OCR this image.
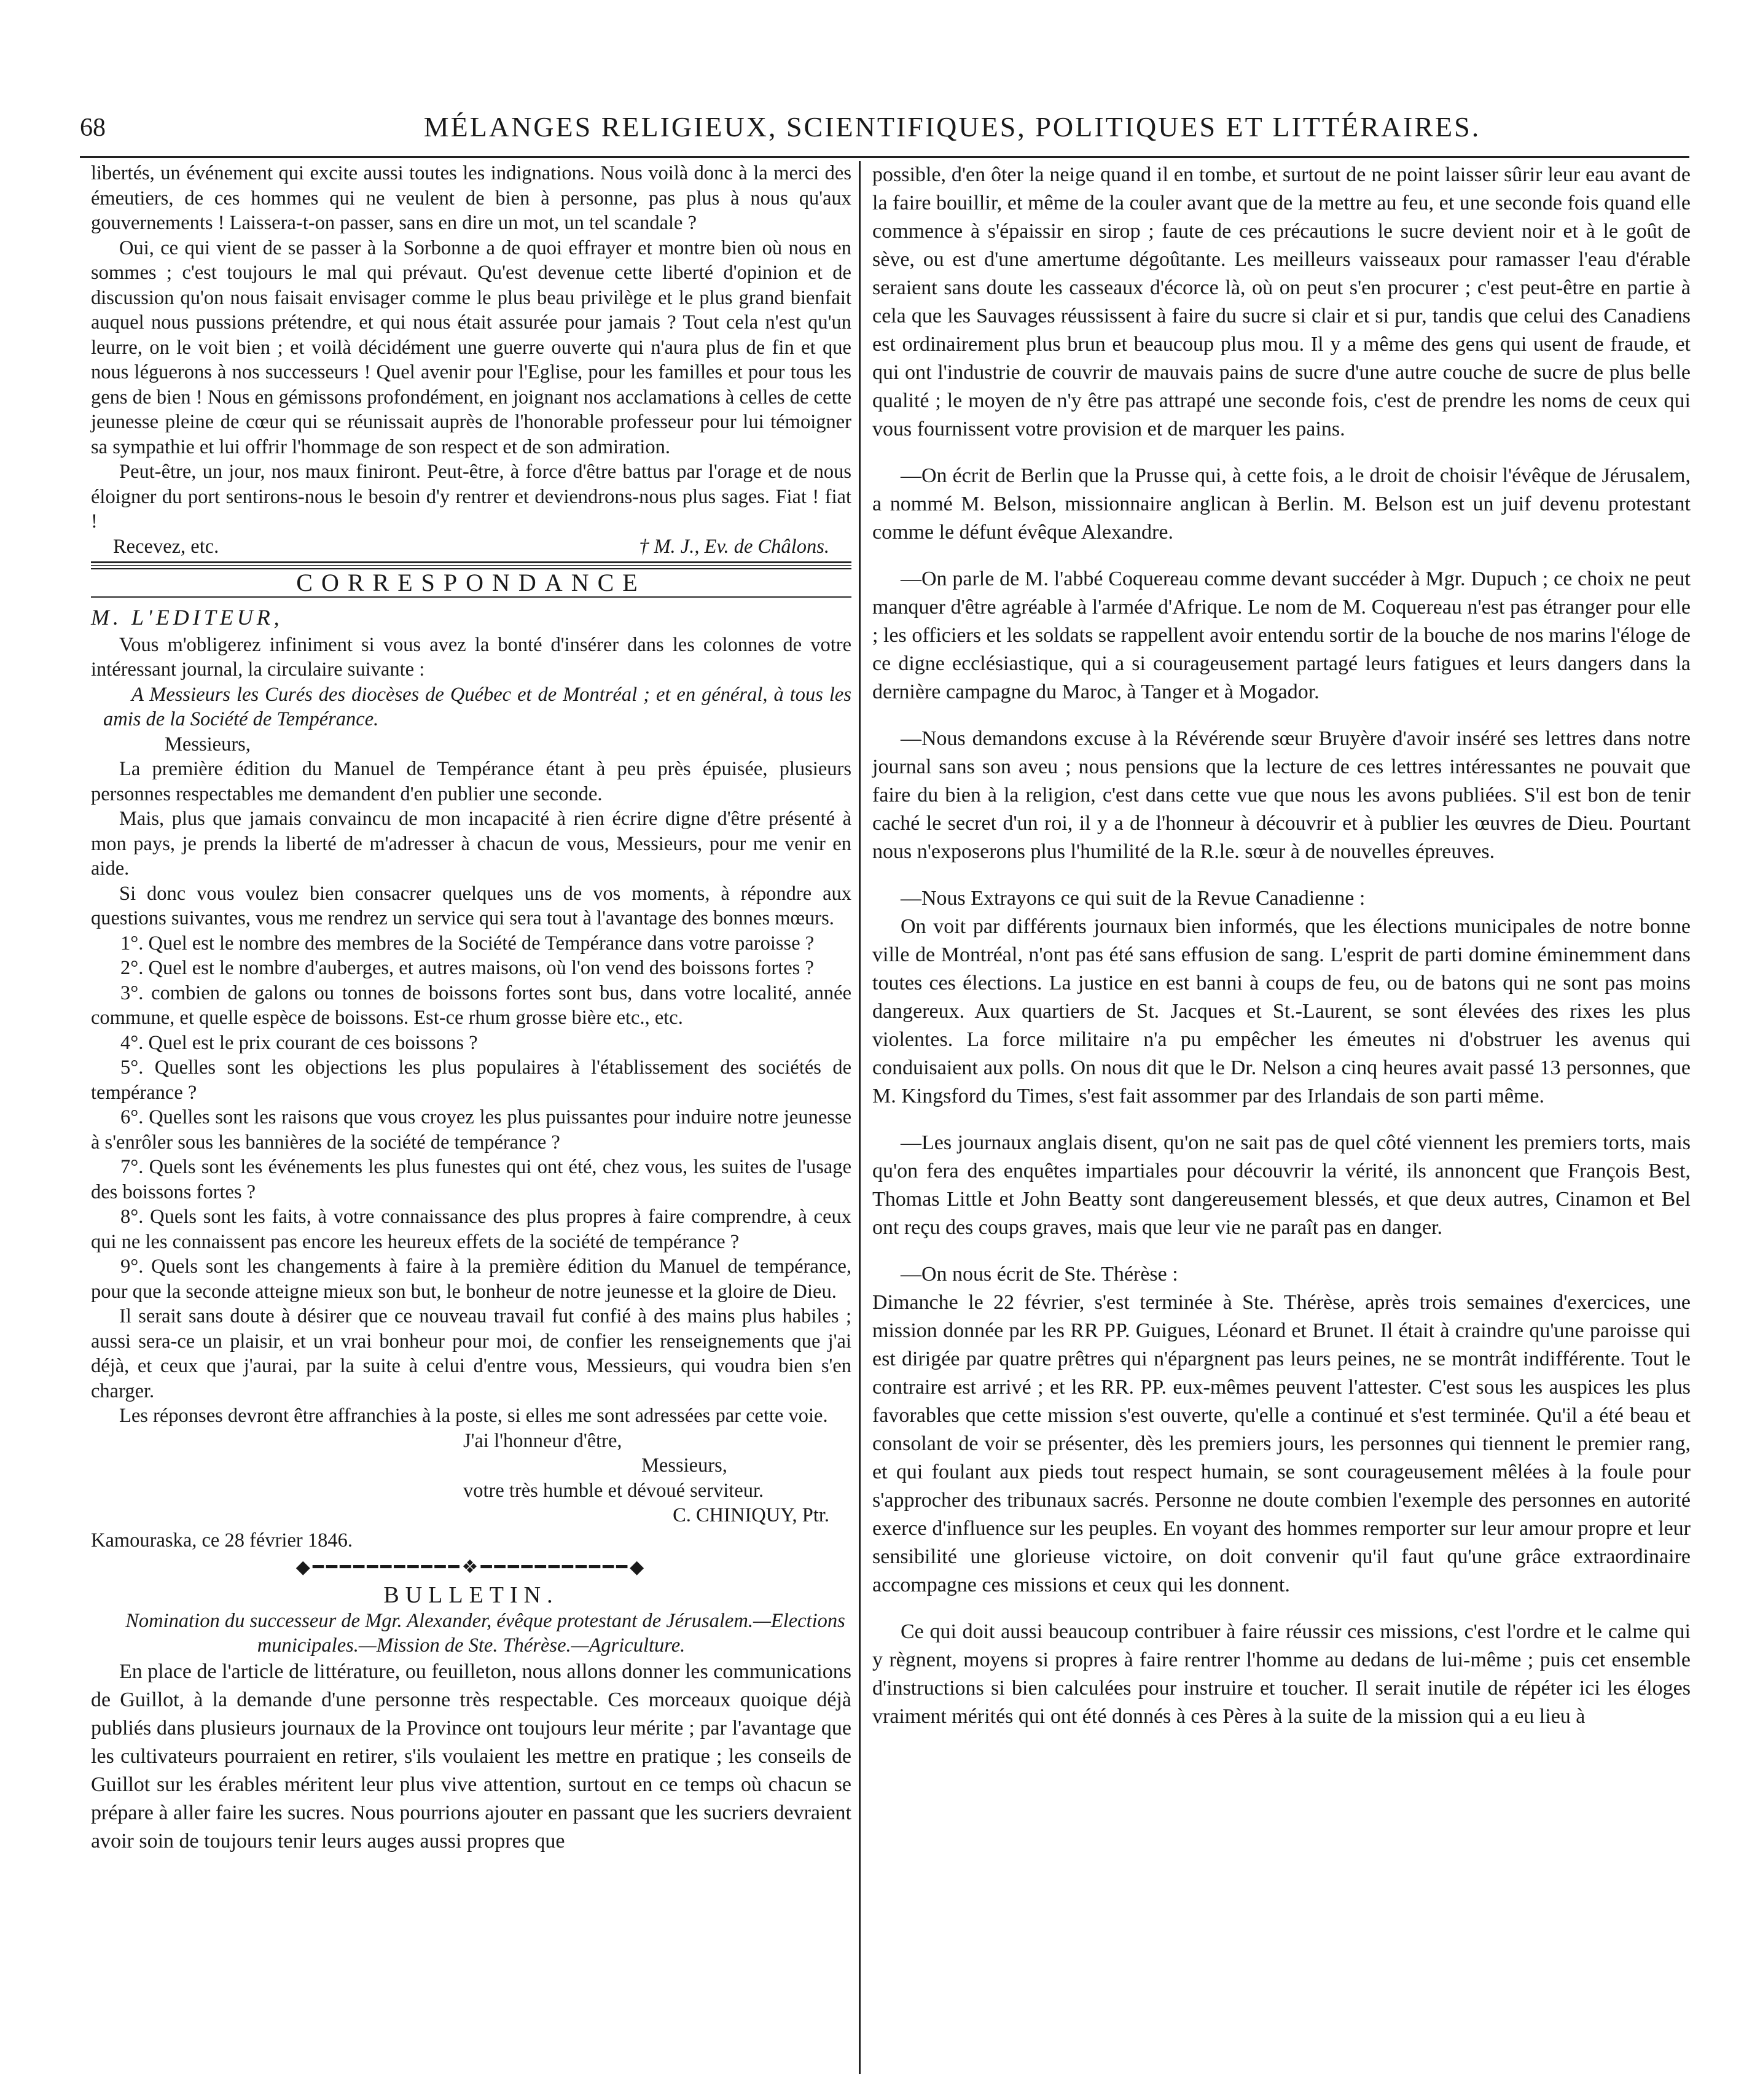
68	MÉLANGES RELIGIEUX, SCIENTIFIQUES, POLITIQUES ET LITTÉRAIRES.

libertés, un événement qui excite aussi toutes les indignations. Nous voilà donc à la merci des émeutiers, de ces hommes qui ne veulent de bien à personne, pas plus à nous qu'aux gouvernements ! Laissera-t-on passer, sans en dire un mot, un tel scandale ?

Oui, ce qui vient de se passer à la Sorbonne a de quoi effrayer et montre bien où nous en sommes ; c'est toujours le mal qui prévaut. Qu'est devenue cette liberté d'opinion et de discussion qu'on nous faisait envisager comme le plus beau privilège et le plus grand bienfait auquel nous pussions prétendre, et qui nous était assurée pour jamais ? Tout cela n'est qu'un leurre, on le voit bien ; et voilà décidément une guerre ouverte qui n'aura plus de fin et que nous léguerons à nos successeurs ! Quel avenir pour l'Eglise, pour les familles et pour tous les gens de bien ! Nous en gémissons profondément, en joignant nos acclamations à celles de cette jeunesse pleine de cœur qui se réunissait auprès de l'honorable professeur pour lui témoigner sa sympathie et lui offrir l'hommage de son respect et de son admiration.

Peut-être, un jour, nos maux finiront. Peut-être, à force d'être battus par l'orage et de nous éloigner du port sentirons-nous le besoin d'y rentrer et deviendrons-nous plus sages. Fiat ! fiat !

Recevez, etc.	† M. J., Ev. de Châlons.
CORRESPONDANCE
M. L'EDITEUR,

Vous m'obligerez infiniment si vous avez la bonté d'insérer dans les colonnes de votre intéressant journal, la circulaire suivante :

A Messieurs les Curés des diocèses de Québec et de Montréal ; et en général, à tous les amis de la Société de Tempérance.

Messieurs,

La première édition du Manuel de Tempérance étant à peu près épuisée, plusieurs personnes respectables me demandent d'en publier une seconde.

Mais, plus que jamais convaincu de mon incapacité à rien écrire digne d'être présenté à mon pays, je prends la liberté de m'adresser à chacun de vous, Messieurs, pour me venir en aide.

Si donc vous voulez bien consacrer quelques uns de vos moments, à répondre aux questions suivantes, vous me rendrez un service qui sera tout à l'avantage des bonnes mœurs.

1°. Quel est le nombre des membres de la Société de Tempérance dans votre paroisse ?

2°. Quel est le nombre d'auberges, et autres maisons, où l'on vend des boissons fortes ?

3°. combien de galons ou tonnes de boissons fortes sont bus, dans votre localité, année commune, et quelle espèce de boissons. Est-ce rhum grosse bière etc., etc.

4°. Quel est le prix courant de ces boissons ?

5°. Quelles sont les objections les plus populaires à l'établissement des sociétés de tempérance ?

6°. Quelles sont les raisons que vous croyez les plus puissantes pour induire notre jeunesse à s'enrôler sous les bannières de la société de tempérance ?

7°. Quels sont les événements les plus funestes qui ont été, chez vous, les suites de l'usage des boissons fortes ?

8°. Quels sont les faits, à votre connaissance des plus propres à faire comprendre, à ceux qui ne les connaissent pas encore les heureux effets de la société de tempérance ?

9°. Quels sont les changements à faire à la première édition du Manuel de tempérance, pour que la seconde atteigne mieux son but, le bonheur de notre jeunesse et la gloire de Dieu.

Il serait sans doute à désirer que ce nouveau travail fut confié à des mains plus habiles ; aussi sera-ce un plaisir, et un vrai bonheur pour moi, de confier les renseignements que j'ai déjà, et ceux que j'aurai, par la suite à celui d'entre vous, Messieurs, qui voudra bien s'en charger.

Les réponses devront être affranchies à la poste, si elles me sont adressées par cette voie.

J'ai l'honneur d'être,

Messieurs,

votre très humble et dévoué serviteur.

C. CHINIQUY, Ptr.

Kamouraska, ce 28 février 1846.

◆━━━━━━━━━━━❖━━━━━━━━━━━◆
BULLETIN.

Nomination du successeur de Mgr. Alexander, évêque protestant de Jérusalem.—Elections municipales.—Mission de Ste. Thérèse.—Agriculture.

En place de l'article de littérature, ou feuilleton, nous allons donner les communications de Guillot, à la demande d'une personne très respectable. Ces morceaux quoique déjà publiés dans plusieurs journaux de la Province ont toujours leur mérite ; par l'avantage que les cultivateurs pourraient en retirer, s'ils voulaient les mettre en pratique ; les conseils de Guillot sur les érables méritent leur plus vive attention, surtout en ce temps où chacun se prépare à aller faire les sucres. Nous pourrions ajouter en passant que les sucriers devraient avoir soin de toujours tenir leurs auges aussi propres que

possible, d'en ôter la neige quand il en tombe, et surtout de ne point laisser sûrir leur eau avant de la faire bouillir, et même de la couler avant que de la mettre au feu, et une seconde fois quand elle commence à s'épaissir en sirop ; faute de ces précautions le sucre devient noir et à le goût de sève, ou est d'une amertume dégoûtante. Les meilleurs vaisseaux pour ramasser l'eau d'érable seraient sans doute les casseaux d'écorce là, où on peut s'en procurer ; c'est peut-être en partie à cela que les Sauvages réussissent à faire du sucre si clair et si pur, tandis que celui des Canadiens est ordinairement plus brun et beaucoup plus mou. Il y a même des gens qui usent de fraude, et qui ont l'industrie de couvrir de mauvais pains de sucre d'une autre couche de sucre de plus belle qualité ; le moyen de n'y être pas attrapé une seconde fois, c'est de prendre les noms de ceux qui vous fournissent votre provision et de marquer les pains.

—On écrit de Berlin que la Prusse qui, à cette fois, a le droit de choisir l'évêque de Jérusalem, a nommé M. Belson, missionnaire anglican à Berlin. M. Belson est un juif devenu protestant comme le défunt évêque Alexandre.

—On parle de M. l'abbé Coquereau comme devant succéder à Mgr. Dupuch ; ce choix ne peut manquer d'être agréable à l'armée d'Afrique. Le nom de M. Coquereau n'est pas étranger pour elle ; les officiers et les soldats se rappellent avoir entendu sortir de la bouche de nos marins l'éloge de ce digne ecclésiastique, qui a si courageusement partagé leurs fatigues et leurs dangers dans la dernière campagne du Maroc, à Tanger et à Mogador.

—Nous demandons excuse à la Révérende sœur Bruyère d'avoir inséré ses lettres dans notre journal sans son aveu ; nous pensions que la lecture de ces lettres intéressantes ne pouvait que faire du bien à la religion, c'est dans cette vue que nous les avons publiées. S'il est bon de tenir caché le secret d'un roi, il y a de l'honneur à découvrir et à publier les œuvres de Dieu. Pourtant nous n'exposerons plus l'humilité de la R.le. sœur à de nouvelles épreuves.

—Nous Extrayons ce qui suit de la Revue Canadienne :

On voit par différents journaux bien informés, que les élections municipales de notre bonne ville de Montréal, n'ont pas été sans effusion de sang. L'esprit de parti domine éminemment dans toutes ces élections. La justice en est banni à coups de feu, ou de batons qui ne sont pas moins dangereux. Aux quartiers de St. Jacques et St.-Laurent, se sont élevées des rixes les plus violentes. La force militaire n'a pu empêcher les émeutes ni d'obstruer les avenus qui conduisaient aux polls. On nous dit que le Dr. Nelson a cinq heures avait passé 13 personnes, que M. Kingsford du Times, s'est fait assommer par des Irlandais de son parti même.

—Les journaux anglais disent, qu'on ne sait pas de quel côté viennent les premiers torts, mais qu'on fera des enquêtes impartiales pour découvrir la vérité, ils annoncent que François Best, Thomas Little et John Beatty sont dangereusement blessés, et que deux autres, Cinamon et Bel ont reçu des coups graves, mais que leur vie ne paraît pas en danger.

—On nous écrit de Ste. Thérèse :

Dimanche le 22 février, s'est terminée à Ste. Thérèse, après trois semaines d'exercices, une mission donnée par les RR PP. Guigues, Léonard et Brunet. Il était à craindre qu'une paroisse qui est dirigée par quatre prêtres qui n'épargnent pas leurs peines, ne se montrât indifférente. Tout le contraire est arrivé ; et les RR. PP. eux-mêmes peuvent l'attester. C'est sous les auspices les plus favorables que cette mission s'est ouverte, qu'elle a continué et s'est terminée. Qu'il a été beau et consolant de voir se présenter, dès les premiers jours, les personnes qui tiennent le premier rang, et qui foulant aux pieds tout respect humain, se sont courageusement mêlées à la foule pour s'approcher des tribunaux sacrés. Personne ne doute combien l'exemple des personnes en autorité exerce d'influence sur les peuples. En voyant des hommes remporter sur leur amour propre et leur sensibilité une glorieuse victoire, on doit convenir qu'il faut qu'une grâce extraordinaire accompagne ces missions et ceux qui les donnent.

Ce qui doit aussi beaucoup contribuer à faire réussir ces missions, c'est l'ordre et le calme qui y règnent, moyens si propres à faire rentrer l'homme au dedans de lui-même ; puis cet ensemble d'instructions si bien calculées pour instruire et toucher. Il serait inutile de répéter ici les éloges vraiment mérités qui ont été donnés à ces Pères à la suite de la mission qui a eu lieu à
